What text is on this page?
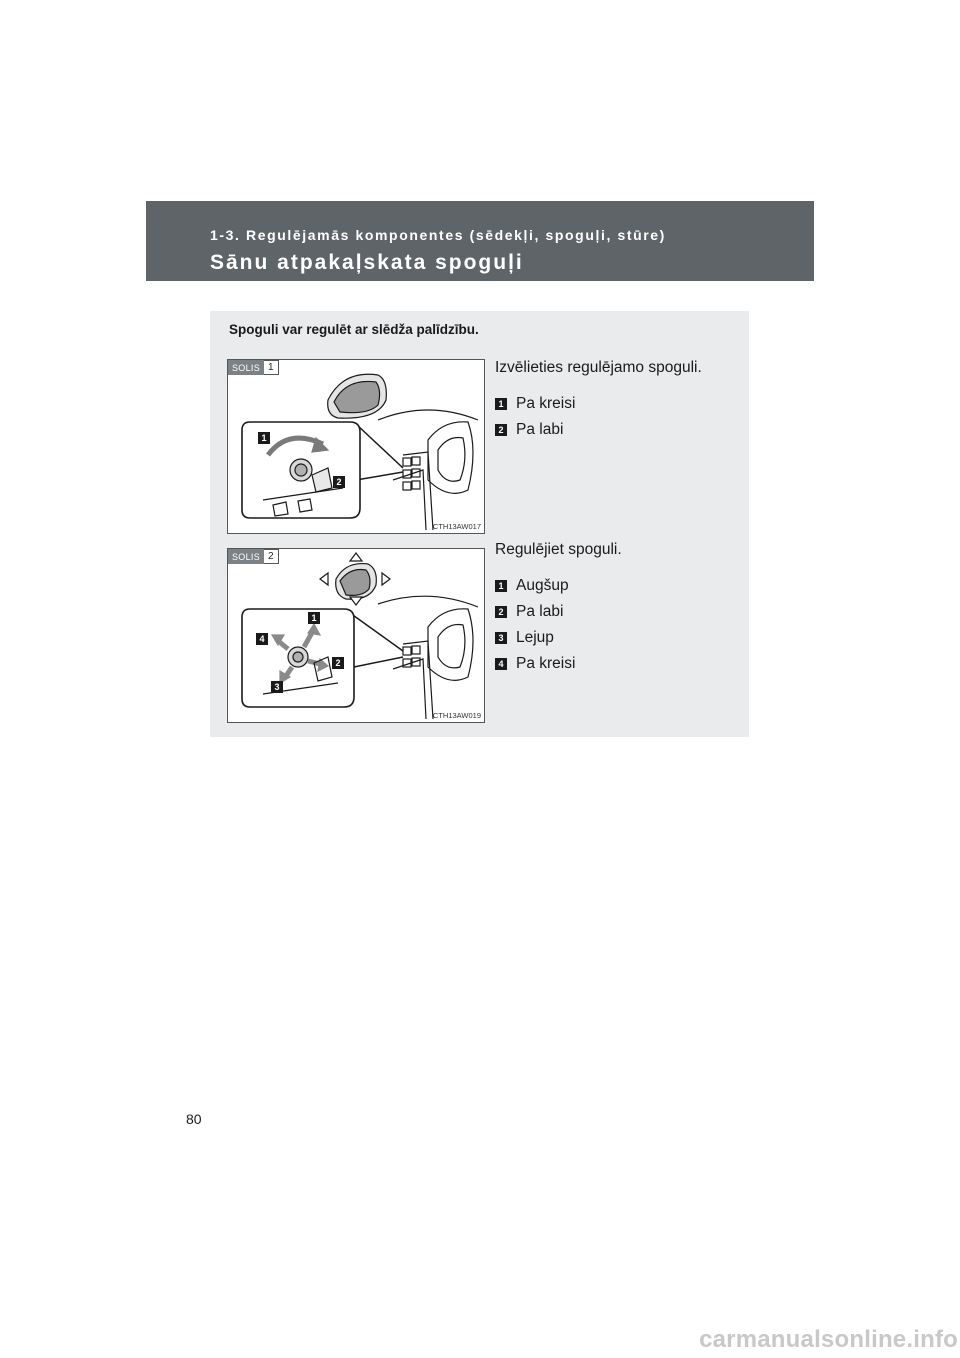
1-3. Regulējamās komponentes (sēdekļi, spoguļi, stūre)
Sānu atpakaļskata spoguļi
Spoguli var regulēt ar slēdža palīdzību.
1
2
SOLIS 1
CTH13AW017
Izvēlieties regulējamo spoguli.
1 Pa kreisi
2 Pa labi
1
4
2
3
SOLIS 2
CTH13AW019
Regulējiet spoguli.
1 Augšup
2 Pa labi
3 Lejup
4 Pa kreisi
80
carmanualsonline.info
